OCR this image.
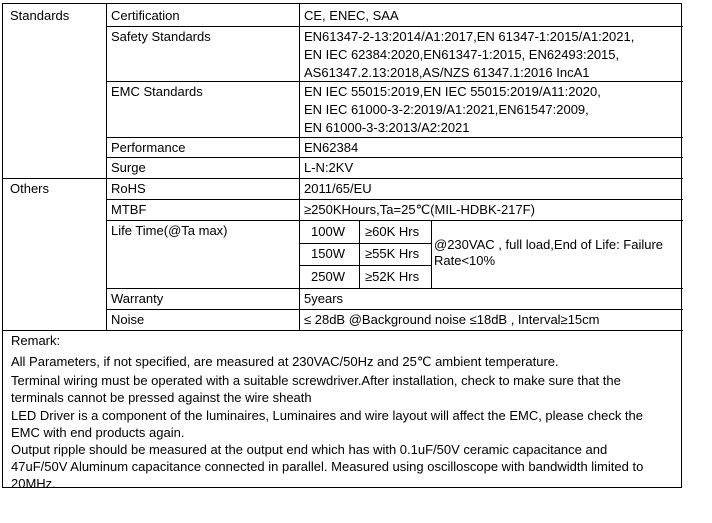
Standards	Certification	CE, ENEC, SAA
Safety Standards	EN61347-2-13:2014/A1:2017,EN 61347-1:2015/A1:2021,
EN IEC 62384:2020,EN61347-1:2015, EN62493:2015,
AS61347.2.13:2018,AS/NZS 61347.1:2016 IncA1
EMC Standards	EN IEC 55015:2019,EN IEC 55015:2019/A11:2020,
EN IEC 61000-3-2:2019/A1:2021,EN61547:2009,
EN 61000-3-3:2013/A2:2021
Performance	EN62384
Surge	L-N:2KV
Others	RoHS	2011/65/EU
MTBF	≥250KHours,Ta=25℃(MIL-HDBK-217F)
Life Time(@Ta max)	100W ≥60K Hrs
150W ≥55K Hrs
250W ≥52K Hrs
@230VAC , full load,End of Life: Failure
Rate<10%
Warranty	5years
Noise	≤ 28dB @Background noise ≤18dB , Interval≥15cm
Remark:
All Parameters, if not specified, are measured at 230VAC/50Hz and 25℃ ambient temperature.
Terminal wiring must be operated with a suitable screwdriver.After installation, check to make sure that the
terminals cannot be pressed against the wire sheath
LED Driver is a component of the luminaires, Luminaires and wire layout will affect the EMC, please check the
EMC with end products again.
Output ripple should be measured at the output end which has with 0.1uF/50V ceramic capacitance and
47uF/50V Aluminum capacitance connected in parallel. Measured using oscilloscope with bandwidth limited to
20MHz.
